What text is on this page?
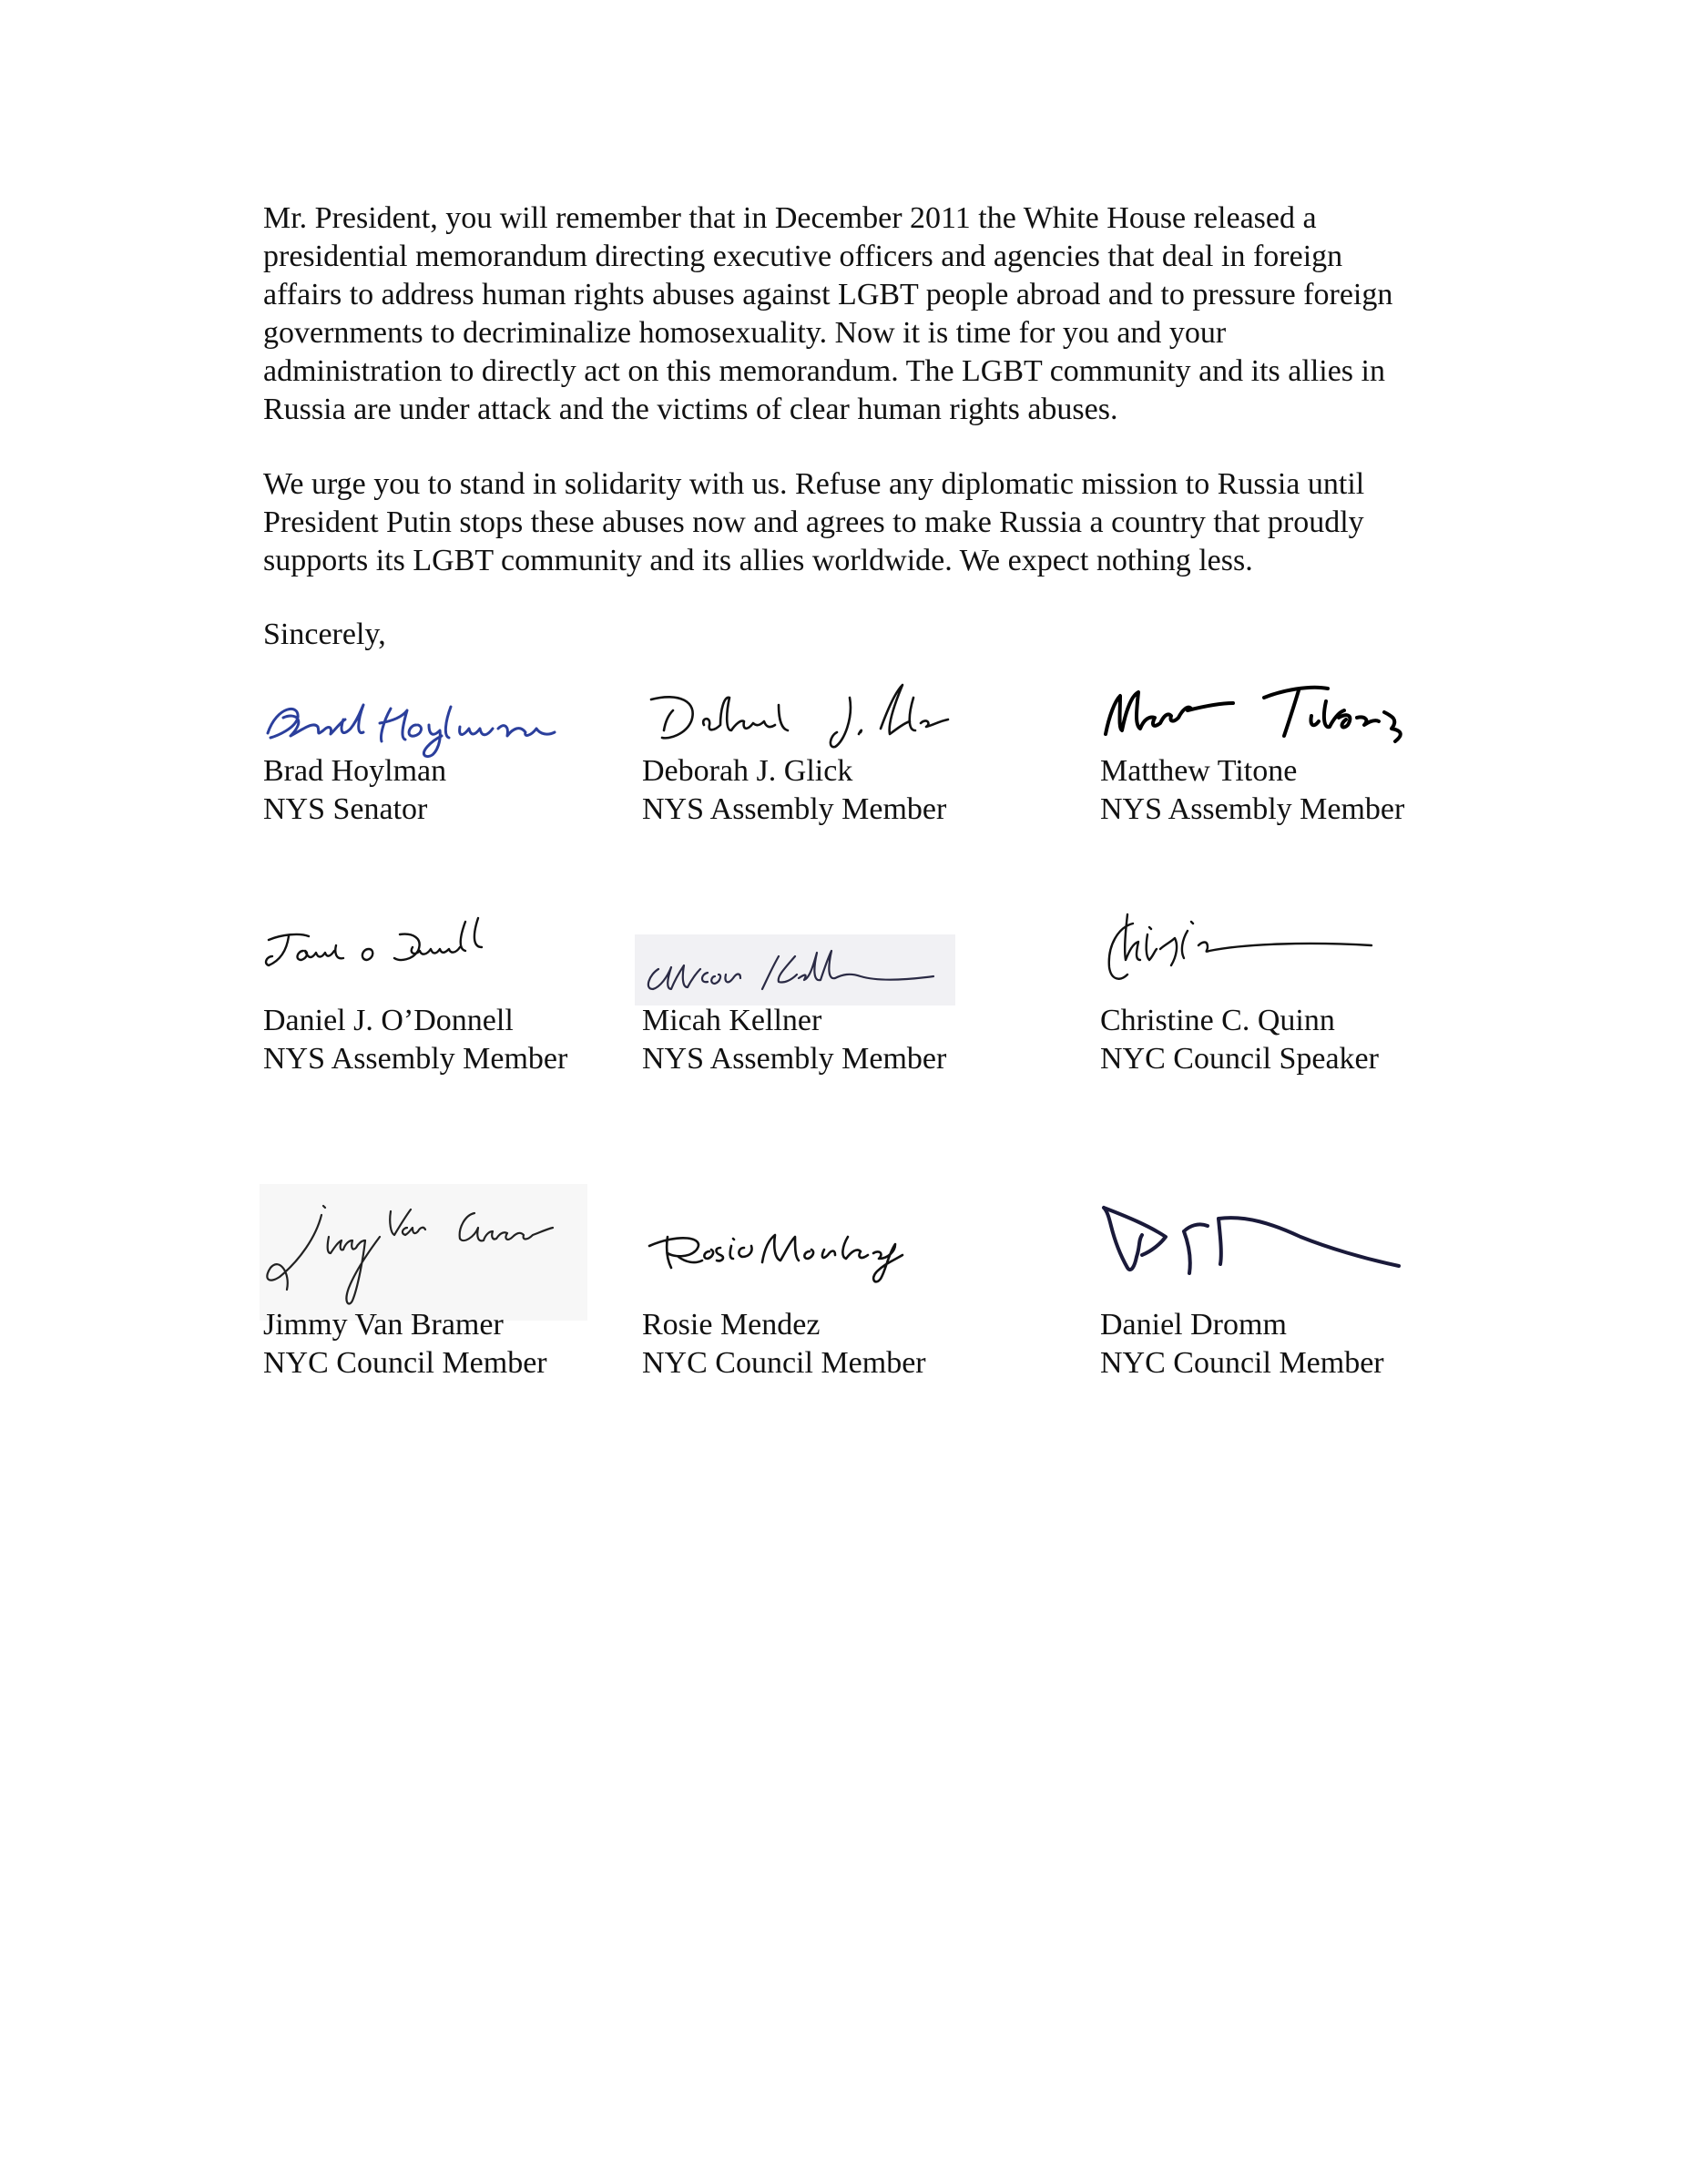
Mr. President, you will remember that in December 2011 the White House released a
presidential memorandum directing executive officers and agencies that deal in foreign
affairs to address human rights abuses against LGBT people abroad and to pressure foreign
governments to decriminalize homosexuality. Now it is time for you and your
administration to directly act on this memorandum. The LGBT community and its allies in
Russia are under attack and the victims of clear human rights abuses.
We urge you to stand in solidarity with us. Refuse any diplomatic mission to Russia until
President Putin stops these abuses now and agrees to make Russia a country that proudly
supports its LGBT community and its allies worldwide. We expect nothing less.
Sincerely,
Brad Hoylman
NYS Senator
Deborah J. Glick
NYS Assembly Member
Matthew Titone
NYS Assembly Member
Daniel J. O’Donnell
NYS Assembly Member
Micah Kellner
NYS Assembly Member
Christine C. Quinn
NYC Council Speaker
Jimmy Van Bramer
NYC Council Member
Rosie Mendez
NYC Council Member
Daniel Dromm
NYC Council Member
